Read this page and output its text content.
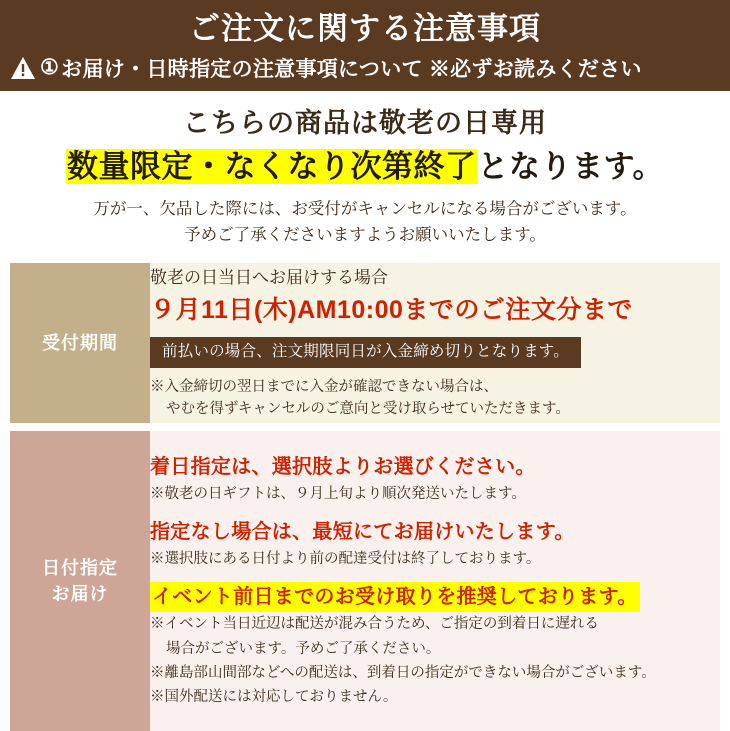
ご注文に関する注意事項
① お届け・日時指定の注意事項について ※必ずお読みください
こちらの商品は敬老の日専用
数量限定・なくなり次第終了となります。
万が一、欠品した際には、お受付がキャンセルになる場合がございます。
予めご了承くださいますようお願いいたします。
受付期間	敬老の日当日へお届けする場合
９月11日(木)AM10:00までのご注文分まで
前払いの場合、注文期限同日が入金締め切りとなります。
※入金締切の翌日までに入金が確認できない場合は、
やむを得ずキャンセルのご意向と受け取らせていただきます。

日付指定
お届け

着日指定は、選択肢よりお選びください。
※敬老の日ギフトは、９月上旬より順次発送いたします。
指定なし場合は、最短にてお届けいたします。
※選択肢にある日付より前の配達受付は終了しております。
イベント前日までのお受け取りを推奨しております。
※イベント当日近辺は配送が混み合うため、ご指定の到着日に遅れる
場合がございます。予めご了承ください。
※離島部山間部などへの配送は、到着日の指定ができない場合がございます。
※国外配送には対応しておりません。
